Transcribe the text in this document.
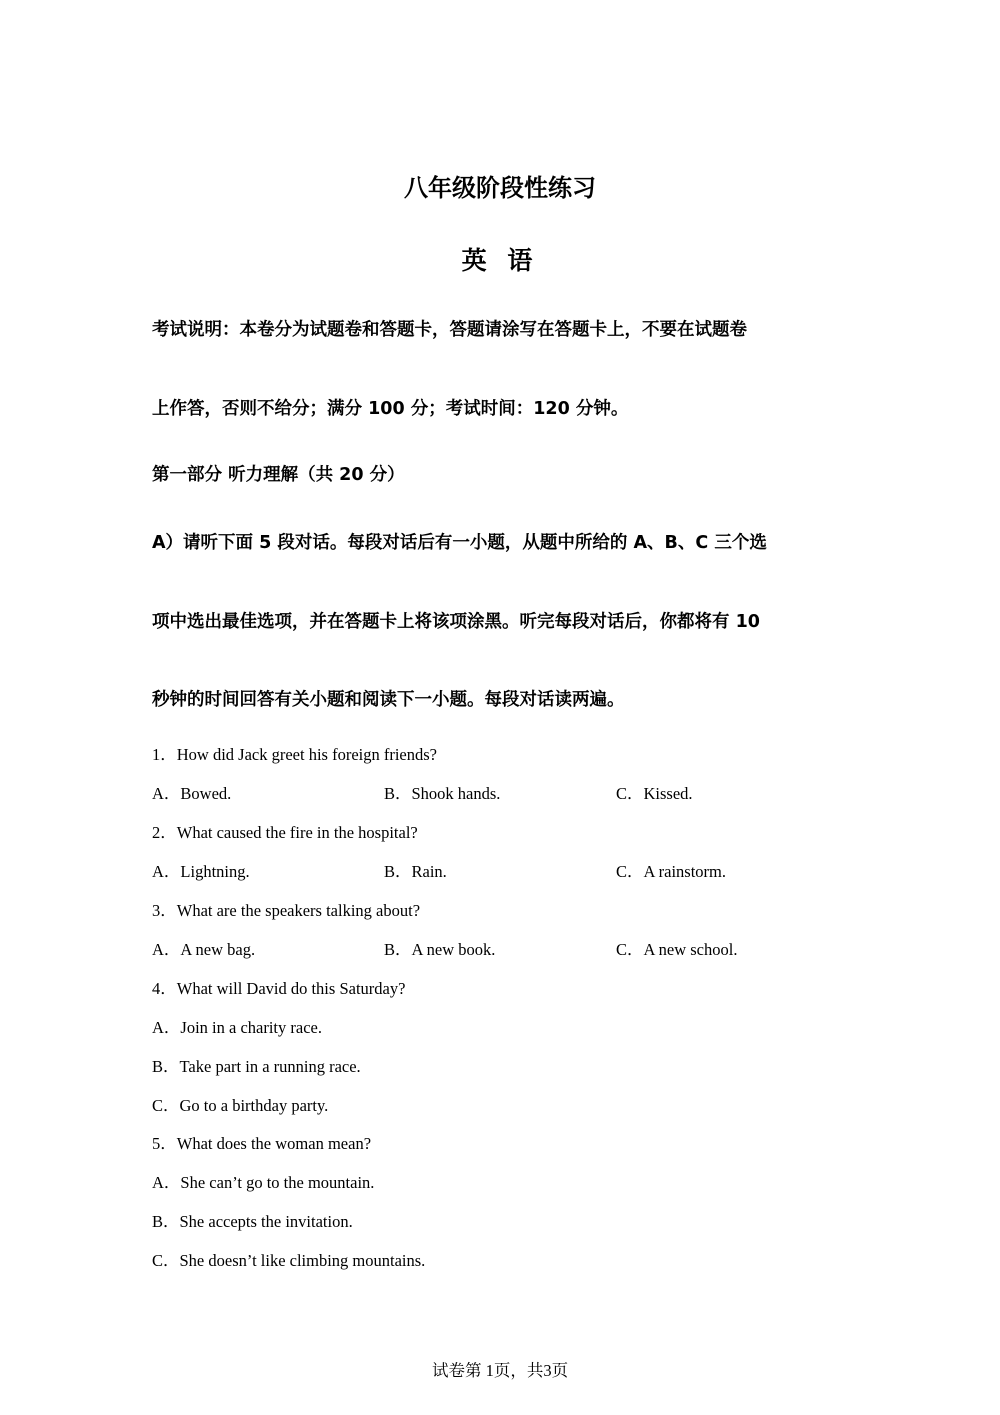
八年级阶段性练习
英 语
考试说明：本卷分为试题卷和答题卡，答题请涂写在答题卡上，不要在试题卷
上作答，否则不给分；满分 100 分；考试时间：120 分钟。
第一部分 听力理解（共 20 分）
A）请听下面 5 段对话。每段对话后有一小题，从题中所给的 A、B、C 三个选
项中选出最佳选项，并在答题卡上将该项涂黑。听完每段对话后，你都将有 10
秒钟的时间回答有关小题和阅读下一小题。每段对话读两遍。
1．How did Jack greet his foreign friends?
A．Bowed.	B．Shook hands.	C．Kissed.
2．What caused the fire in the hospital?
A．Lightning.	B．Rain.	C．A rainstorm.
3．What are the speakers talking about?
A．A new bag.	B．A new book.	C．A new school.
4．What will David do this Saturday?
A．Join in a charity race.
B．Take part in a running race.
C．Go to a birthday party.
5．What does the woman mean?
A．She can’t go to the mountain.
B．She accepts the invitation.
C．She doesn’t like climbing mountains.
试卷第 1页，共3页
